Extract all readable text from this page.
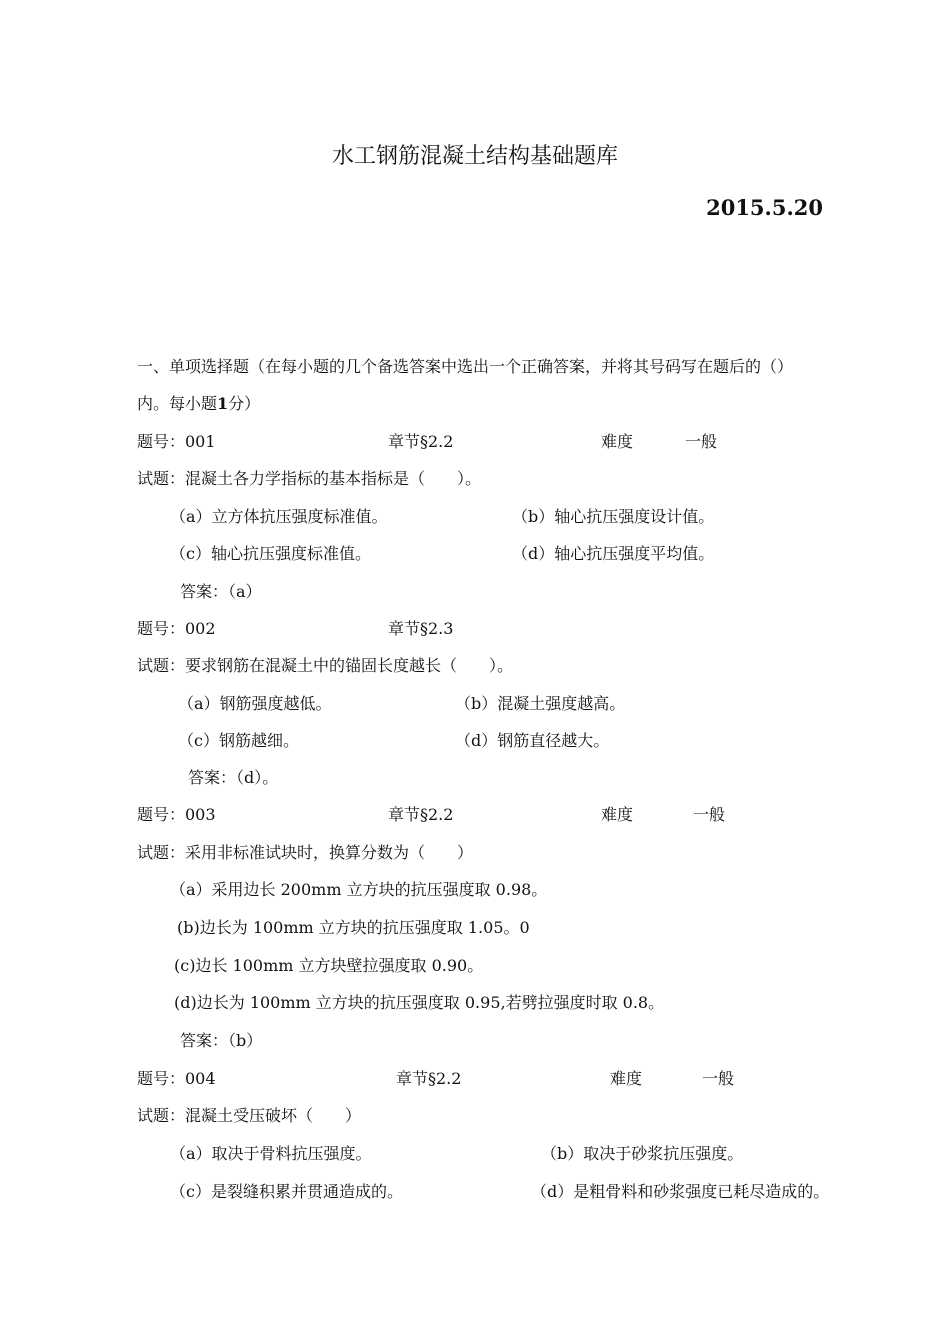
水工钢筋混凝土结构基础题库
2015.5.20
一、单项选择题（在每小题的几个备选答案中选出一个正确答案，并将其号码写在题后的（）
内。每小题1分）
题号：001	章节§2.2	难度	一般
试题：混凝土各力学指标的基本指标是（　　）。
（a）立方体抗压强度标准值。	（b）轴心抗压强度设计值。
（c）轴心抗压强度标准值。	（d）轴心抗压强度平均值。
答案：（a）
题号：002	章节§2.3
试题：要求钢筋在混凝土中的锚固长度越长（　　）。
（a）钢筋强度越低。	（b）混凝土强度越高。
（c）钢筋越细。	（d）钢筋直径越大。
答案：（d）。
题号：003	章节§2.2	难度	一般
试题：采用非标准试块时，换算分数为（　　）
（a）采用边长 200mm 立方块的抗压强度取 0.98。
(b)边长为 100mm 立方块的抗压强度取 1.05。0
(c)边长 100mm 立方块壁拉强度取 0.90。
(d)边长为 100mm 立方块的抗压强度取 0.95,若劈拉强度时取 0.8。
答案：（b）
题号：004	章节§2.2	难度	一般
试题：混凝土受压破坏（　　）
（a）取决于骨料抗压强度。	（b）取决于砂浆抗压强度。
（c）是裂缝积累并贯通造成的。	（d）是粗骨料和砂浆强度已耗尽造成的。
